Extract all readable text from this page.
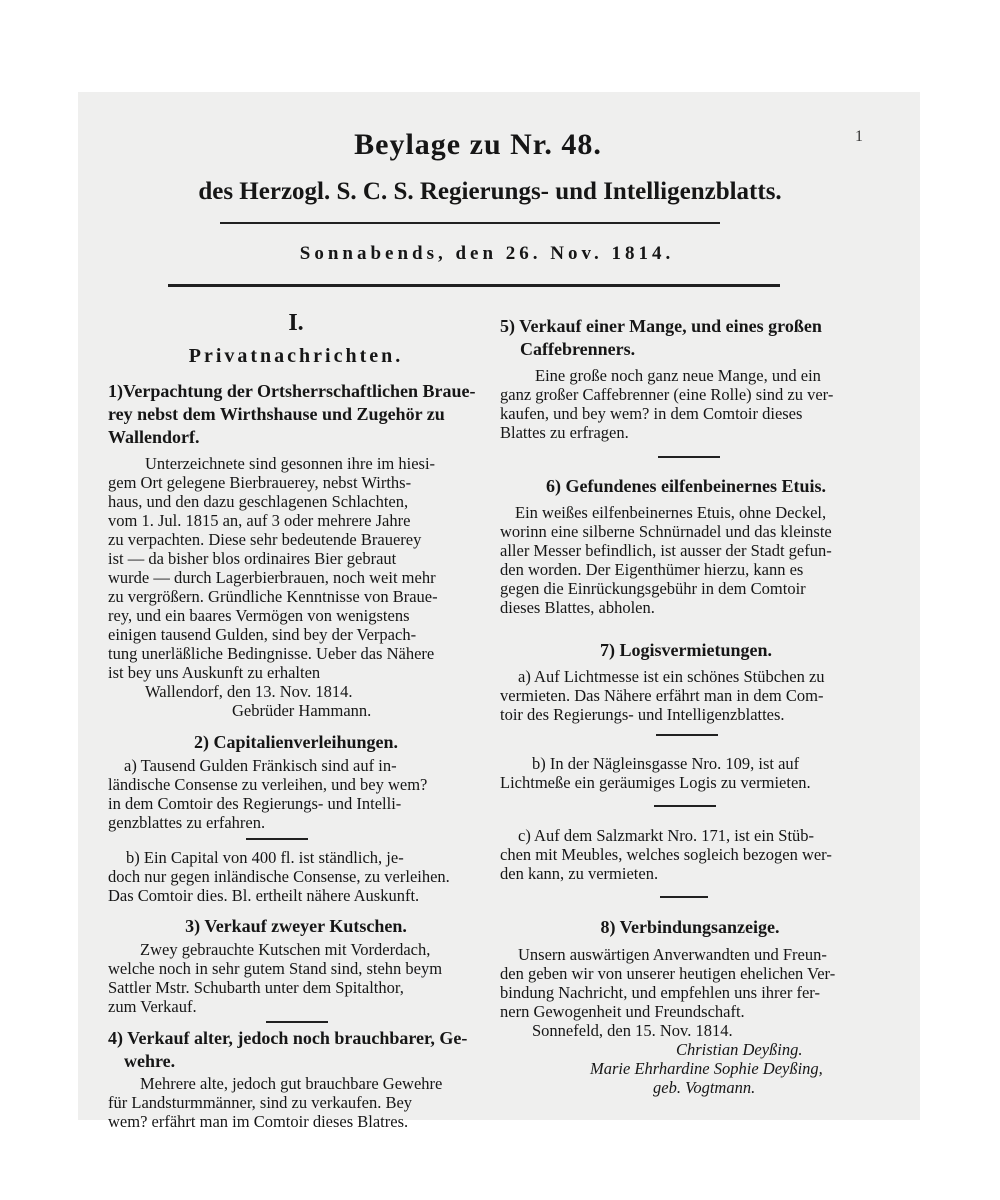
Beylage zu Nr. 48.	1
des Herzogl. S. C. S. Regierungs- und Intelligenzblatts.
Sonnabends, den 26. Nov. 1814.
I.
Privatnachrichten.
1)Verpachtung der Ortsherrschaftlichen Braue-
rey nebst dem Wirthshause und Zugehör zu
Wallendorf.
Unterzeichnete sind gesonnen ihre im hiesi-
gem Ort gelegene Bierbrauerey, nebst Wirths-
haus, und den dazu geschlagenen Schlachten,
vom 1. Jul. 1815 an, auf 3 oder mehrere Jahre
zu verpachten. Diese sehr bedeutende Brauerey
ist — da bisher blos ordinaires Bier gebraut
wurde — durch Lagerbierbrauen, noch weit mehr
zu vergrößern. Gründliche Kenntnisse von Braue-
rey, und ein baares Vermögen von wenigstens
einigen tausend Gulden, sind bey der Verpach-
tung unerläßliche Bedingnisse. Ueber das Nähere
ist bey uns Auskunft zu erhalten
Wallendorf, den 13. Nov. 1814.
Gebrüder Hammann.
2) Capitalienverleihungen.
a) Tausend Gulden Fränkisch sind auf in-
ländische Consense zu verleihen, und bey wem?
in dem Comtoir des Regierungs- und Intelli-
genzblattes zu erfahren.
b) Ein Capital von 400 fl. ist ständlich, je-
doch nur gegen inländische Consense, zu verleihen.
Das Comtoir dies. Bl. ertheilt nähere Auskunft.
3) Verkauf zweyer Kutschen.
Zwey gebrauchte Kutschen mit Vorderdach,
welche noch in sehr gutem Stand sind, stehn beym
Sattler Mstr. Schubarth unter dem Spitalthor,
zum Verkauf.
4) Verkauf alter, jedoch noch brauchbarer, Ge-
wehre.
Mehrere alte, jedoch gut brauchbare Gewehre
für Landsturmmänner, sind zu verkaufen. Bey
wem? erfährt man im Comtoir dieses Blatres.
5) Verkauf einer Mange, und eines großen
Caffebrenners.
Eine große noch ganz neue Mange, und ein
ganz großer Caffebrenner (eine Rolle) sind zu ver-
kaufen, und bey wem? in dem Comtoir dieses
Blattes zu erfragen.
6) Gefundenes eilfenbeinernes Etuis.
Ein weißes eilfenbeinernes Etuis, ohne Deckel,
worinn eine silberne Schnürnadel und das kleinste
aller Messer befindlich, ist ausser der Stadt gefun-
den worden. Der Eigenthümer hierzu, kann es
gegen die Einrückungsgebühr in dem Comtoir
dieses Blattes, abholen.
7) Logisvermietungen.
a) Auf Lichtmesse ist ein schönes Stübchen zu
vermieten. Das Nähere erfährt man in dem Com-
toir des Regierungs- und Intelligenzblattes.
b) In der Nägleinsgasse Nro. 109, ist auf
Lichtmeße ein geräumiges Logis zu vermieten.
c) Auf dem Salzmarkt Nro. 171, ist ein Stüb-
chen mit Meubles, welches sogleich bezogen wer-
den kann, zu vermieten.
8) Verbindungsanzeige.
Unsern auswärtigen Anverwandten und Freun-
den geben wir von unserer heutigen ehelichen Ver-
bindung Nachricht, und empfehlen uns ihrer fer-
nern Gewogenheit und Freundschaft.
Sonnefeld, den 15. Nov. 1814.
Christian Deyßing.
Marie Ehrhardine Sophie Deyßing,
geb. Vogtmann.
